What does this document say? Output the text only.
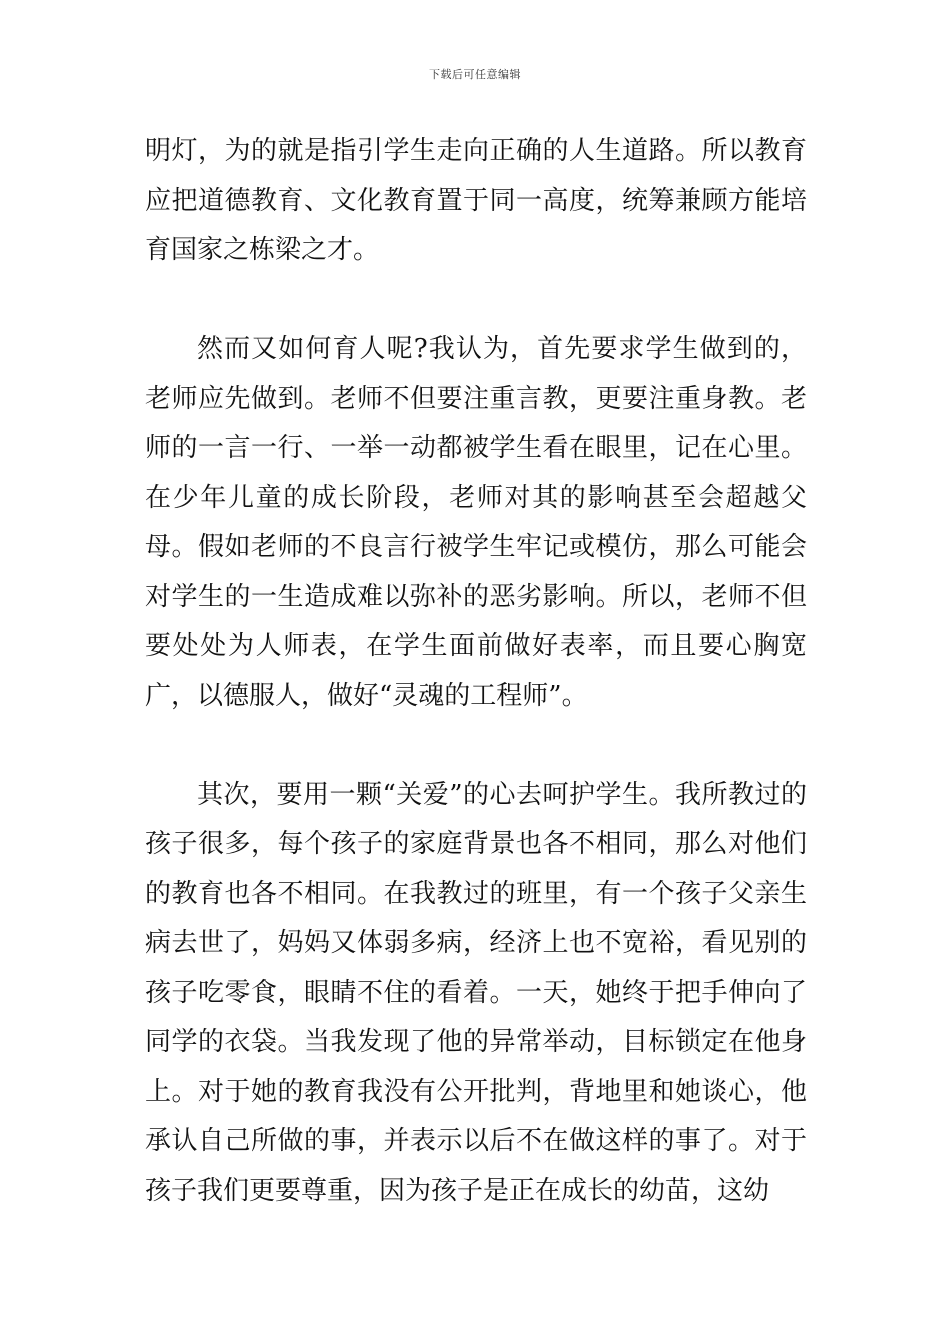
下载后可任意编辑

明灯，为的就是指引学生走向正确的人生道路。所以教育应把道德教育、文化教育置于同一高度，统筹兼顾方能培育国家之栋梁之才。

然而又如何育人呢?我认为，首先要求学生做到的，老师应先做到。老师不但要注重言教，更要注重身教。老师的一言一行、一举一动都被学生看在眼里，记在心里。在少年儿童的成长阶段，老师对其的影响甚至会超越父母。假如老师的不良言行被学生牢记或模仿，那么可能会对学生的一生造成难以弥补的恶劣影响。所以，老师不但要处处为人师表，在学生面前做好表率，而且要心胸宽广，以德服人，做好“灵魂的工程师”。

其次，要用一颗“关爱”的心去呵护学生。我所教过的孩子很多，每个孩子的家庭背景也各不相同，那么对他们的教育也各不相同。在我教过的班里，有一个孩子父亲生病去世了，妈妈又体弱多病，经济上也不宽裕，看见别的孩子吃零食，眼睛不住的看着。一天，她终于把手伸向了同学的衣袋。当我发现了他的异常举动，目标锁定在他身上。对于她的教育我没有公开批判，背地里和她谈心，他承认自己所做的事，并表示以后不在做这样的事了。对于孩子我们更要尊重，因为孩子是正在成长的幼苗，这幼
